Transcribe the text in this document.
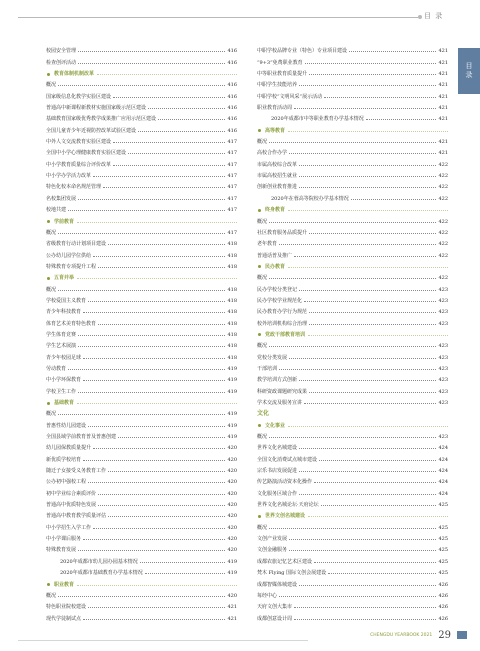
目 录
目
录
校园安全管理	416
检查创评活动	416
教育体制机制改革
概况	416
国家级信息化教学实验区建设	416
普通高中新课程新教材实施国家级示范区建设	416
基础教育国家级优秀教学成果推广应用示范区建设	416
全国儿童青少年近视防控改革试验区建设	416
中外人文交流教育实验区建设	417
全国中小学心理健康教育实验区建设	417
中小学教育质量综合评价改革	417
中小学办学活力改革	417
特色化校本命名规范管理	417
名校集团发展	417
校地共建	417
学前教育
概况	417
省级教育行动计划项目建设	418
公办幼儿园学位供给	418
特殊教育专项提升工程	418
五育并举
概况	418
学校爱国主义教育	418
青少年科技教育	418
体育艺术美育特色教育	418
学生体育竞赛	418
学生艺术展演	418
青少年校园足球	418
劳动教育	419
中小学环保教育	419
学校卫生工作	419
基础教育
概况	419
普惠性幼儿园建设	419
全国县域学前教育普及普惠创建	419
幼儿园保教质量提升	420
新优质学校培育	420
随迁子女接受义务教育工作	420
公办初中强校工程	420
初中学业综合素质评价	420
普通高中优质特色发展	420
普通高中教育教学质量评估	420
中小学招生入学工作	420
中小学课后服务	420
特殊教育发展	420
2020年成都市幼儿园办园基本情况	419
2020年成都市基础教育办学基本情况	419
职业教育
概况	420
特色职业院校建设	421
现代学徒制试点	421
中职学校品牌专业（特色）专业项目建设	421
“9+3”免费职业教育	421
中等职业教育质量提升	421
中职学生技能培养	421
中职学校“文明风采”展示活动	421
职业教育活动周	421
2020年成都市中等职业教育办学基本情况	421
高等教育
概况	421
高校合作办学	421
市属高校综合改革	422
市属高校招生就业	422
创新创业教育推进	422
2020年在蓉高等院校办学基本情况	422
终身教育
概况	422
社区教育服务品质提升	422
老年教育	422
普通话普及推广	422
民办教育
概况	422
民办学校分类登记	423
民办学校学业规范化	423
民办教育办学行为规范	423
校外培训机构综合治理	423
党政干部教育培训
概况	423
党校分类发展	423
干部培训	423
教学培训方式创新	423
科研资政课题研究成果	423
学术交流及服务宣讲	423
文化
文化事业
概况	423
世界文化名城建设	424
全国文化消费试点城市建设	424
宗乐书店发展促进	424
传艺路演活动资本化操作	424
文化服务区域合作	424
世界文化名城论坛·天府论坛	425
世界文创名城建设
概况	425
文创产业发展	425
文创金融服务	425
成都农旅记忆艺术区建设	425
梵木 Flying 国际文创会展建设	425
成都智媒体城建设	426
每经中心	426
天府文创大集市	426
成都创意设计周	426
CHENGDU YEARBOOK 2021 29
